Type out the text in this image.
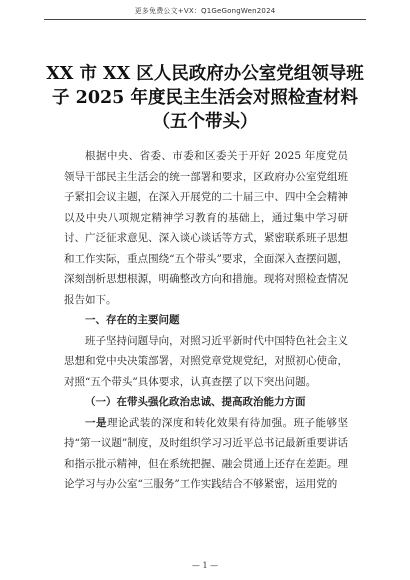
更多免费公文+VX：Q1GeGongWen2024
XX 市 XX 区人民政府办公室党组领导班
子 2025 年度民主生活会对照检查材料
（五个带头）

根据中央、省委、市委和区委关于开好 2025 年度党员领导干部民主生活会的统一部署和要求，区政府办公室党组班子紧扣会议主题，在深入开展党的二十届三中、四中全会精神以及中央八项规定精神学习教育的基础上，通过集中学习研讨、广泛征求意见、深入谈心谈话等方式，紧密联系班子思想和工作实际，重点围绕“五个带头”要求，全面深入查摆问题，深刻剖析思想根源，明确整改方向和措施。现将对照检查情况报告如下。

一、存在的主要问题

班子坚持问题导向，对照习近平新时代中国特色社会主义思想和党中央决策部署，对照党章党规党纪，对照初心使命，对照“五个带头”具体要求，认真查摆了以下突出问题。

（一）在带头强化政治忠诚、提高政治能力方面

一是理论武装的深度和转化效果有待加强。班子能够坚持“第一议题”制度，及时组织学习习近平总书记最新重要讲话和指示批示精神，但在系统把握、融会贯通上还存在差距。理论学习与办公室“三服务”工作实践结合不够紧密，运用党的

— 1 —
